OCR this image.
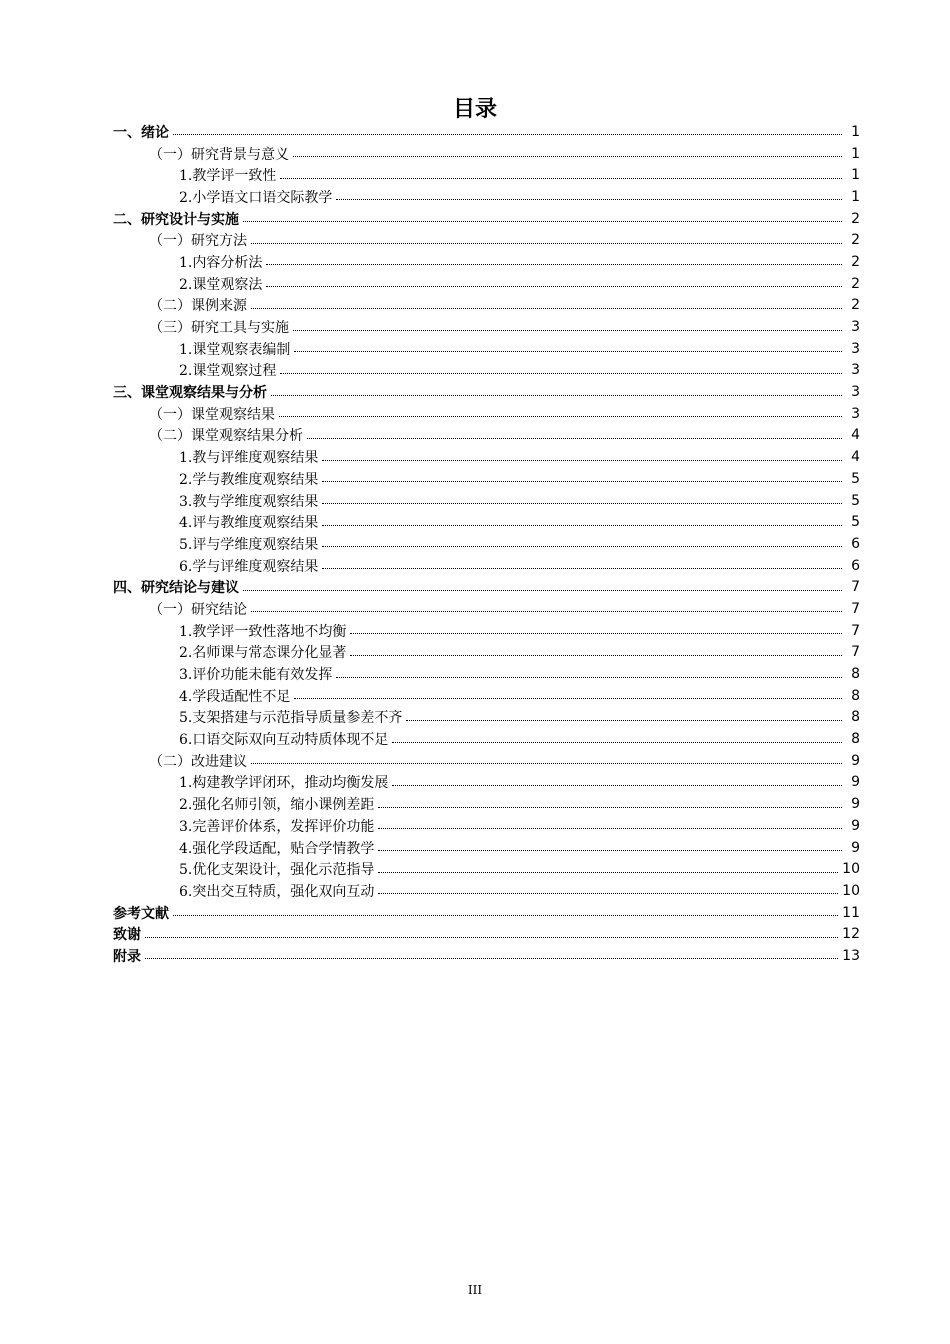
目录
一、绪论	1
（一）研究背景与意义	1
1.教学评一致性	1
2.小学语文口语交际教学	1
二、研究设计与实施	2
（一）研究方法	2
1.内容分析法	2
2.课堂观察法	2
（二）课例来源	2
（三）研究工具与实施	3
1.课堂观察表编制	3
2.课堂观察过程	3
三、课堂观察结果与分析	3
（一）课堂观察结果	3
（二）课堂观察结果分析	4
1.教与评维度观察结果	4
2.学与教维度观察结果	5
3.教与学维度观察结果	5
4.评与教维度观察结果	5
5.评与学维度观察结果	6
6.学与评维度观察结果	6
四、研究结论与建议	7
（一）研究结论	7
1.教学评一致性落地不均衡	7
2.名师课与常态课分化显著	7
3.评价功能未能有效发挥	8
4.学段适配性不足	8
5.支架搭建与示范指导质量参差不齐	8
6.口语交际双向互动特质体现不足	8
（二）改进建议	9
1.构建教学评闭环，推动均衡发展	9
2.强化名师引领，缩小课例差距	9
3.完善评价体系，发挥评价功能	9
4.强化学段适配，贴合学情教学	9
5.优化支架设计，强化示范指导	10
6.突出交互特质，强化双向互动	10
参考文献	11
致谢	12
附录	13
III
